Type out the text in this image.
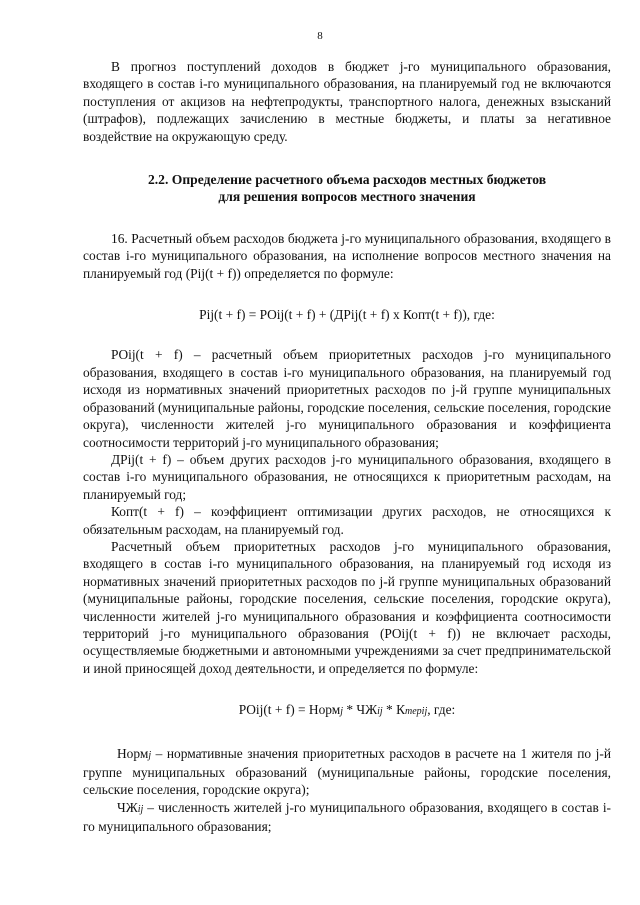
8

В прогноз поступлений доходов в бюджет j-го муниципального образования, входящего в состав i-го муниципального образования, на планируемый год не включаются поступления от акцизов на нефтепродукты, транспортного налога, денежных взысканий (штрафов), подлежащих зачислению в местные бюджеты, и платы за негативное воздействие на окружающую среду.

2.2. Определение расчетного объема расходов местных бюджетов
для решения вопросов местного значения

16. Расчетный объем расходов бюджета j-го муниципального образования, входящего в состав i-го муниципального образования, на исполнение вопросов местного значения на планируемый год (Pij(t + f)) определяется по формуле:

Pij(t + f) = POij(t + f) + (ДPij(t + f) х Копт(t + f)), где:

POij(t + f) – расчетный объем приоритетных расходов j-го муниципального образования, входящего в состав i-го муниципального образования, на планируемый год исходя из нормативных значений приоритетных расходов по j-й группе муниципальных образований (муниципальные районы, городские поселения, сельские поселения, городские округа), численности жителей j-го муниципального образования и коэффициента соотносимости территорий j-го муниципального образования;

ДPij(t + f) – объем других расходов j-го муниципального образования, входящего в состав i-го муниципального образования, не относящихся к приоритетным расходам, на планируемый год;

Копт(t + f) – коэффициент оптимизации других расходов, не относящихся к обязательным расходам, на планируемый год.

Расчетный объем приоритетных расходов j-го муниципального образования, входящего в состав i-го муниципального образования, на планируемый год исходя из нормативных значений приоритетных расходов по j-й группе муниципальных образований (муниципальные районы, городские поселения, сельские поселения, городские округа), численности жителей j-го муниципального образования и коэффициента соотносимости территорий j-го муниципального образования (POij(t + f)) не включает расходы, осуществляемые бюджетными и автономными учреждениями за счет предпринимательской и иной приносящей доход деятельности, и определяется по формуле:

POij(t + f) = Нормj * ЧЖij * Ктерij, где:

Нормj – нормативные значения приоритетных расходов в расчете на 1 жителя по j-й группе муниципальных образований (муниципальные районы, городские поселения, сельские поселения, городские округа);

ЧЖij – численность жителей j-го муниципального образования, входящего в состав i-го муниципального образования;
